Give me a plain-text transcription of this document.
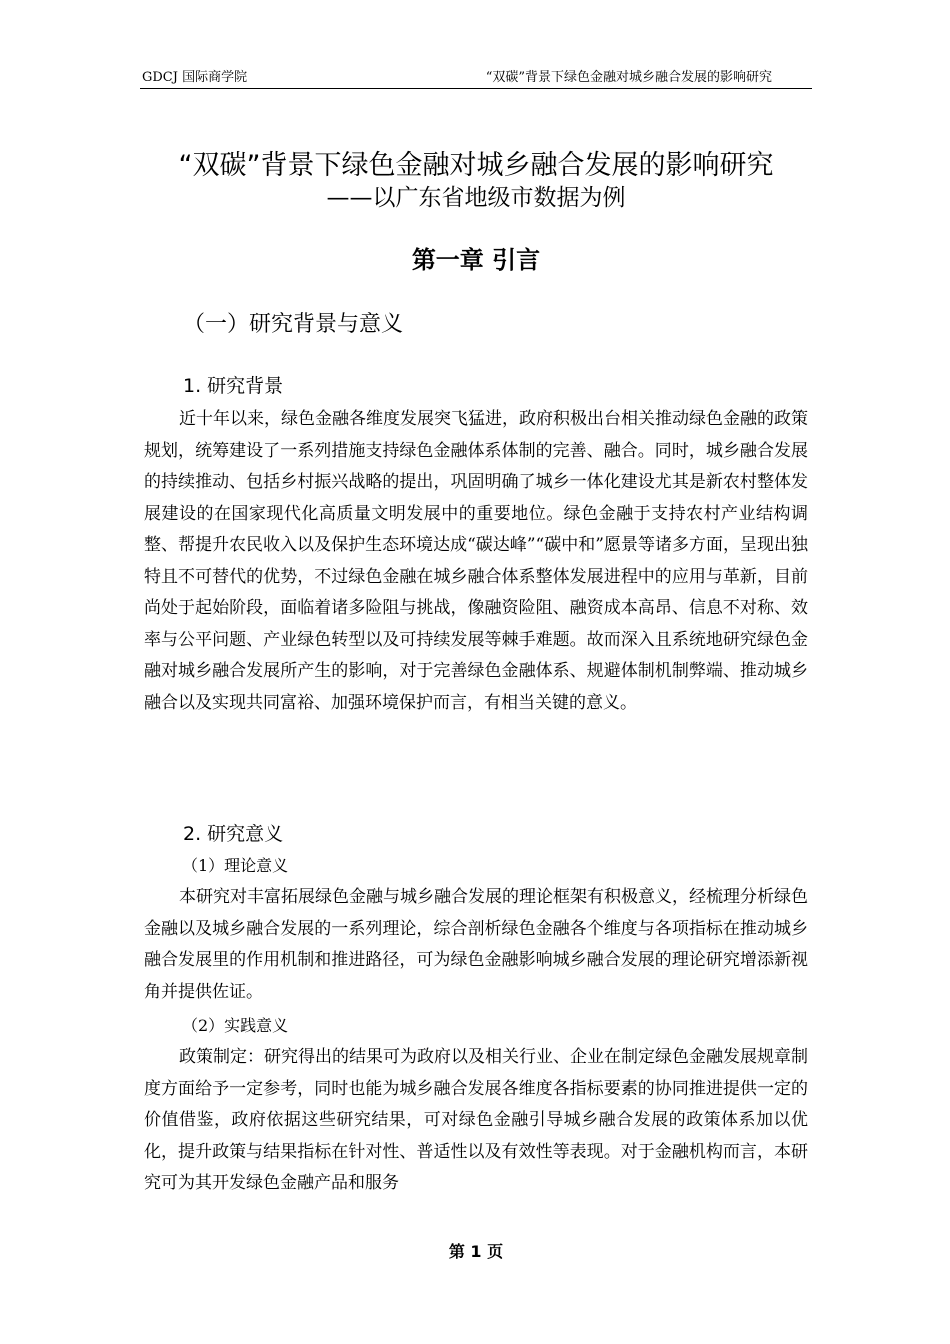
GDCJ 国际商学院	“双碳”背景下绿色金融对城乡融合发展的影响研究
“双碳”背景下绿色金融对城乡融合发展的影响研究
——以广东省地级市数据为例
第一章 引言
（一）研究背景与意义
1. 研究背景

近十年以来，绿色金融各维度发展突飞猛进，政府积极出台相关推动绿色金融的政策规划，统筹建设了一系列措施支持绿色金融体系体制的完善、融合。同时，城乡融合发展的持续推动、包括乡村振兴战略的提出，巩固明确了城乡一体化建设尤其是新农村整体发展建设的在国家现代化高质量文明发展中的重要地位。绿色金融于支持农村产业结构调整、帮提升农民收入以及保护生态环境达成“碳达峰”“碳中和”愿景等诸多方面，呈现出独特且不可替代的优势，不过绿色金融在城乡融合体系整体发展进程中的应用与革新，目前尚处于起始阶段，面临着诸多险阻与挑战，像融资险阻、融资成本高昂、信息不对称、效率与公平问题、产业绿色转型以及可持续发展等棘手难题。故而深入且系统地研究绿色金融对城乡融合发展所产生的影响，对于完善绿色金融体系、规避体制机制弊端、推动城乡融合以及实现共同富裕、加强环境保护而言，有相当关键的意义。

2. 研究意义
（1）理论意义

本研究对丰富拓展绿色金融与城乡融合发展的理论框架有积极意义，经梳理分析绿色金融以及城乡融合发展的一系列理论，综合剖析绿色金融各个维度与各项指标在推动城乡融合发展里的作用机制和推进路径，可为绿色金融影响城乡融合发展的理论研究增添新视角并提供佐证。

（2）实践意义

政策制定：研究得出的结果可为政府以及相关行业、企业在制定绿色金融发展规章制度方面给予一定参考，同时也能为城乡融合发展各维度各指标要素的协同推进提供一定的价值借鉴，政府依据这些研究结果，可对绿色金融引导城乡融合发展的政策体系加以优化，提升政策与结果指标在针对性、普适性以及有效性等表现。对于金融机构而言，本研究可为其开发绿色金融产品和服务

第 1 页
